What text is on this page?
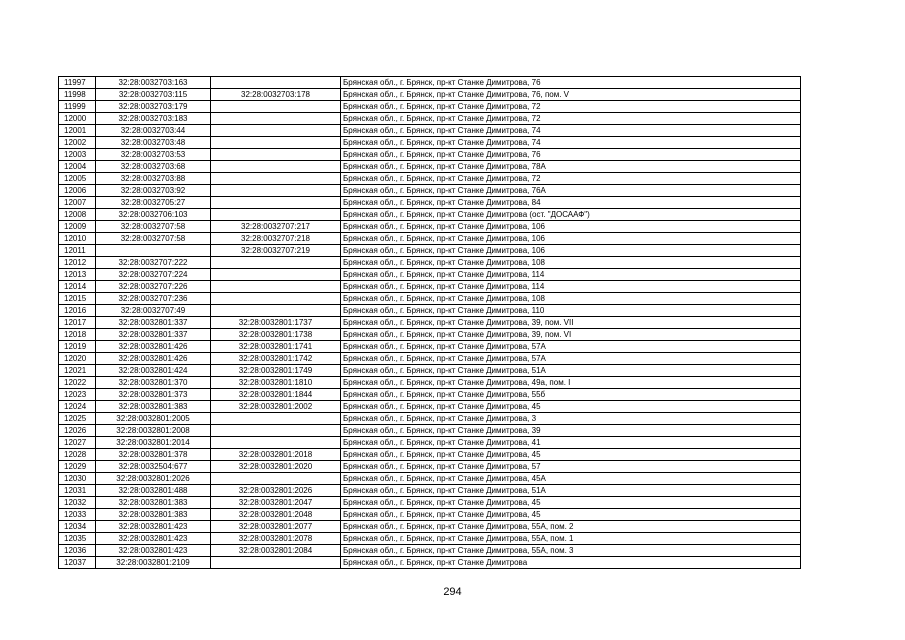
11997	32:28:0032703:163		Брянская обл., г. Брянск, пр-кт Станке Димитрова, 76
11998	32:28:0032703:115	32:28:0032703:178	Брянская обл., г. Брянск, пр-кт Станке Димитрова, 76, пом. V
11999	32:28:0032703:179		Брянская обл., г. Брянск, пр-кт Станке Димитрова, 72
12000	32:28:0032703:183		Брянская обл., г. Брянск, пр-кт Станке Димитрова, 72
12001	32:28:0032703:44		Брянская обл., г. Брянск, пр-кт Станке Димитрова, 74
12002	32:28:0032703:48		Брянская обл., г. Брянск, пр-кт Станке Димитрова, 74
12003	32:28:0032703:53		Брянская обл., г. Брянск, пр-кт Станке Димитрова, 76
12004	32:28:0032703:68		Брянская обл., г. Брянск, пр-кт Станке Димитрова, 78А
12005	32:28:0032703:88		Брянская обл., г. Брянск, пр-кт Станке Димитрова, 72
12006	32:28:0032703:92		Брянская обл., г. Брянск, пр-кт Станке Димитрова, 76А
12007	32:28:0032705:27		Брянская обл., г. Брянск, пр-кт Станке Димитрова, 84
12008	32:28:0032706:103		Брянская обл., г. Брянск, пр-кт Станке Димитрова (ост. "ДОСААФ")
12009	32:28:0032707:58	32:28:0032707:217	Брянская обл., г. Брянск, пр-кт Станке Димитрова, 106
12010	32:28:0032707:58	32:28:0032707:218	Брянская обл., г. Брянск, пр-кт Станке Димитрова, 106
12011		32:28:0032707:219	Брянская обл., г. Брянск, пр-кт Станке Димитрова, 106
12012	32:28:0032707:222		Брянская обл., г. Брянск, пр-кт Станке Димитрова, 108
12013	32:28:0032707:224		Брянская обл., г. Брянск, пр-кт Станке Димитрова, 114
12014	32:28:0032707:226		Брянская обл., г. Брянск, пр-кт Станке Димитрова, 114
12015	32:28:0032707:236		Брянская обл., г. Брянск, пр-кт Станке Димитрова, 108
12016	32:28:0032707:49		Брянская обл., г. Брянск, пр-кт Станке Димитрова, 110
12017	32:28:0032801:337	32:28:0032801:1737	Брянская обл., г. Брянск, пр-кт Станке Димитрова, 39, пом. VII
12018	32:28:0032801:337	32:28:0032801:1738	Брянская обл., г. Брянск, пр-кт Станке Димитрова, 39, пом. VI
12019	32:28:0032801:426	32:28:0032801:1741	Брянская обл., г. Брянск, пр-кт Станке Димитрова, 57А
12020	32:28:0032801:426	32:28:0032801:1742	Брянская обл., г. Брянск, пр-кт Станке Димитрова, 57А
12021	32:28:0032801:424	32:28:0032801:1749	Брянская обл., г. Брянск, пр-кт Станке Димитрова, 51А
12022	32:28:0032801:370	32:28:0032801:1810	Брянская обл., г. Брянск, пр-кт Станке Димитрова, 49а, пом. I
12023	32:28:0032801:373	32:28:0032801:1844	Брянская обл., г. Брянск, пр-кт Станке Димитрова, 55б
12024	32:28:0032801:383	32:28:0032801:2002	Брянская обл., г. Брянск, пр-кт Станке Димитрова, 45
12025	32:28:0032801:2005		Брянская обл., г. Брянск, пр-кт Станке Димитрова, 3
12026	32:28:0032801:2008		Брянская обл., г. Брянск, пр-кт Станке Димитрова, 39
12027	32:28:0032801:2014		Брянская обл., г. Брянск, пр-кт Станке Димитрова, 41
12028	32:28:0032801:378	32:28:0032801:2018	Брянская обл., г. Брянск, пр-кт Станке Димитрова, 45
12029	32:28:0032504:677	32:28:0032801:2020	Брянская обл., г. Брянск, пр-кт Станке Димитрова, 57
12030	32:28:0032801:2026		Брянская обл., г. Брянск, пр-кт Станке Димитрова, 45А
12031	32:28:0032801:488	32:28:0032801:2026	Брянская обл., г. Брянск, пр-кт Станке Димитрова, 51А
12032	32:28:0032801:383	32:28:0032801:2047	Брянская обл., г. Брянск, пр-кт Станке Димитрова, 45
12033	32:28:0032801:383	32:28:0032801:2048	Брянская обл., г. Брянск, пр-кт Станке Димитрова, 45
12034	32:28:0032801:423	32:28:0032801:2077	Брянская обл., г. Брянск, пр-кт Станке Димитрова, 55А, пом. 2
12035	32:28:0032801:423	32:28:0032801:2078	Брянская обл., г. Брянск, пр-кт Станке Димитрова, 55А, пом. 1
12036	32:28:0032801:423	32:28:0032801:2084	Брянская обл., г. Брянск, пр-кт Станке Димитрова, 55А, пом. 3
12037	32:28:0032801:2109		Брянская обл., г. Брянск, пр-кт Станке Димитрова
294
